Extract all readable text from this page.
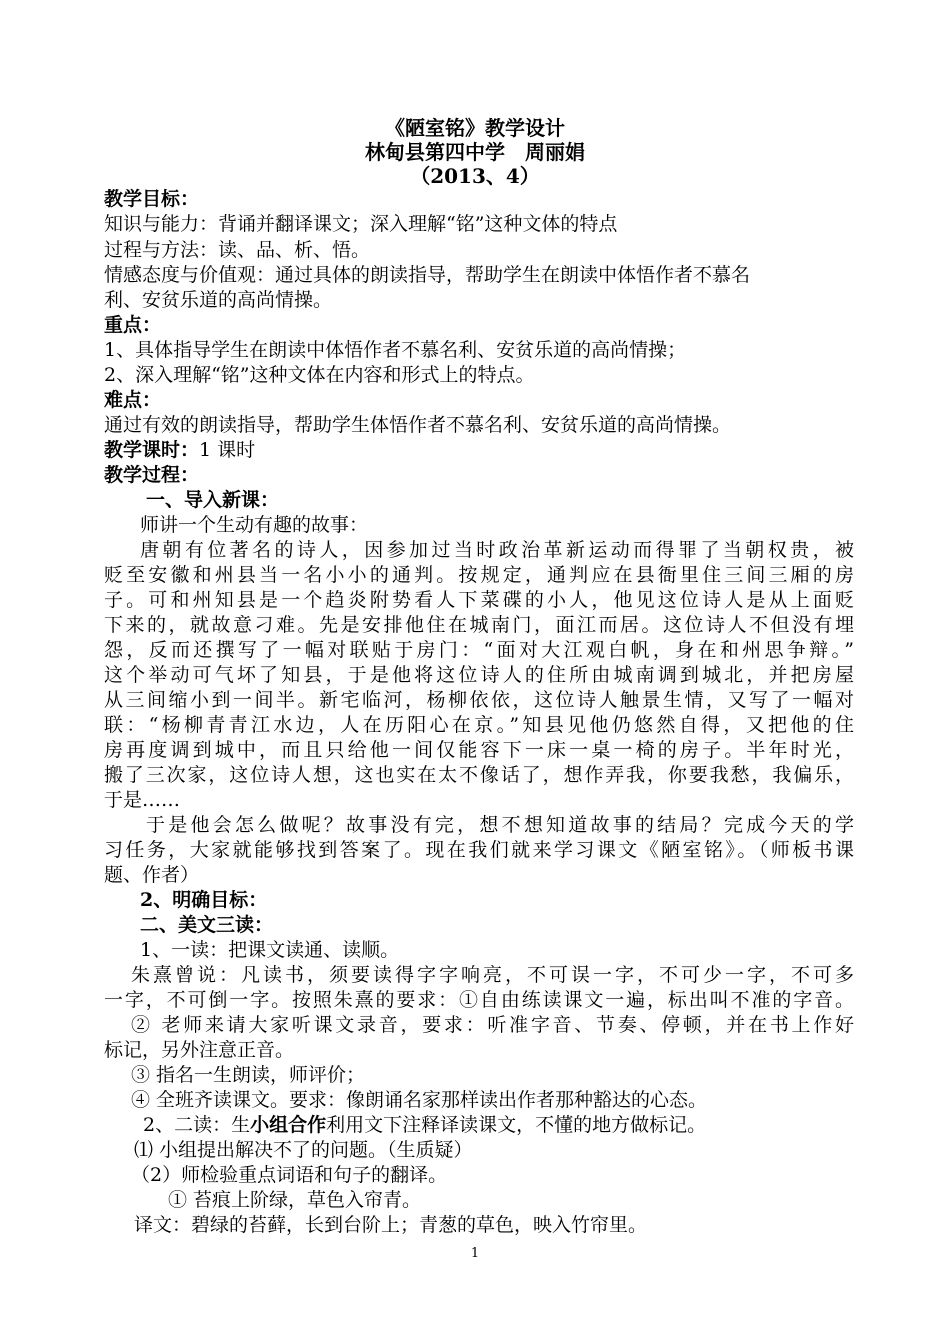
《陋室铭》教学设计
林甸县第四中学　周丽娟
（2013、4）
教学目标：
知识与能力：背诵并翻译课文；深入理解“铭”这种文体的特点
过程与方法：读、品、析、悟。
情感态度与价值观：通过具体的朗读指导，帮助学生在朗读中体悟作者不慕名
利、安贫乐道的高尚情操。
重点：
1、具体指导学生在朗读中体悟作者不慕名利、安贫乐道的高尚情操；
2、深入理解“铭”这种文体在内容和形式上的特点。
难点：
通过有效的朗读指导，帮助学生体悟作者不慕名利、安贫乐道的高尚情操。
教学课时：1 课时
教学过程：
一、导入新课：
师讲一个生动有趣的故事：
唐朝有位著名的诗人，因参加过当时政治革新运动而得罪了当朝权贵，被
贬至安徽和州县当一名小小的通判。按规定，通判应在县衙里住三间三厢的房
子。可和州知县是一个趋炎附势看人下菜碟的小人，他见这位诗人是从上面贬
下来的，就故意刁难。先是安排他住在城南门，面江而居。这位诗人不但没有埋
怨，反而还撰写了一幅对联贴于房门：“面对大江观白帆，身在和州思争辩。”
这个举动可气坏了知县，于是他将这位诗人的住所由城南调到城北，并把房屋
从三间缩小到一间半。新宅临河，杨柳依依，这位诗人触景生情，又写了一幅对
联：“杨柳青青江水边，人在历阳心在京。”知县见他仍悠然自得，又把他的住
房再度调到城中，而且只给他一间仅能容下一床一桌一椅的房子。半年时光，
搬了三次家，这位诗人想，这也实在太不像话了，想作弄我，你要我愁，我偏乐，
于是……
于是他会怎么做呢？故事没有完，想不想知道故事的结局？完成今天的学
习任务，大家就能够找到答案了。现在我们就来学习课文《陋室铭》。（师板书课
题、作者）
2、明确目标：
二、美文三读：
1、一读：把课文读通、读顺。
朱熹曾说：凡读书，须要读得字字响亮，不可误一字，不可少一字，不可多
一字，不可倒一字。按照朱熹的要求：①自由练读课文一遍，标出叫不准的字音。
② 老师来请大家听课文录音，要求：听准字音、节奏、停顿，并在书上作好
标记，另外注意正音。
③ 指名一生朗读，师评价；
④ 全班齐读课文。要求：像朗诵名家那样读出作者那种豁达的心态。
2、二读：生小组合作利用文下注释译读课文，不懂的地方做标记。
⑴ 小组提出解决不了的问题。（生质疑）
（2）师检验重点词语和句子的翻译。
① 苔痕上阶绿，草色入帘青。
译文：碧绿的苔藓，长到台阶上；青葱的草色，映入竹帘里。
1
